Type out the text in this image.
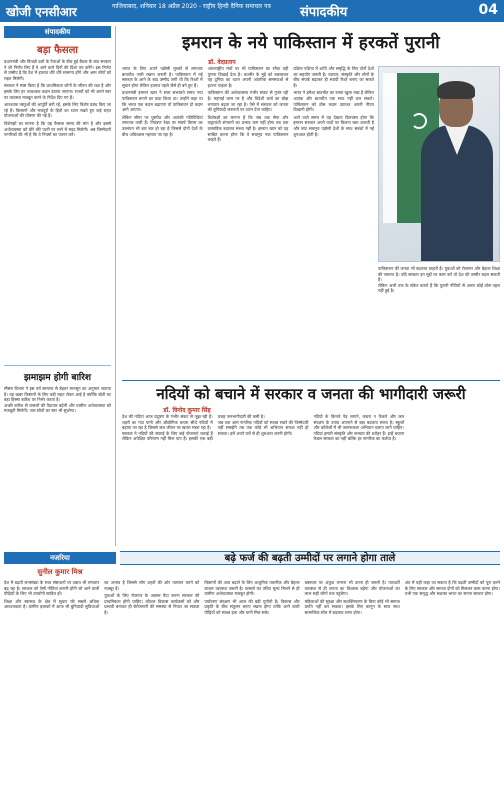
खोजी एनसीआर	गाजियाबाद, शनिवार 18 अप्रैल 2020 - राष्ट्रीय हिन्दी दैनिक समाचार पत्र	संपादकीय	04
संपादकीय
बड़ा फैसला

प्रधानमंत्री और विपक्षी दलों के नेताओं के बीच हुई बैठक के बाद सरकार ने जो निर्णय लिए हैं वे आने वाले दिनों की दिशा तय करेंगे। इस निर्णय से उम्मीद है कि देश में हालात धीरे धीरे सामान्य होंगे और आम लोगों को राहत मिलेगी।

सरकार ने स्पष्ट किया है कि प्राथमिकता लोगों के जीवन की रक्षा है और इसके लिए हर आवश्यक कदम उठाया जाएगा। राज्यों को भी अपने स्तर पर व्यवस्था मजबूत करने के निर्देश दिए गए हैं।

आवश्यक वस्तुओं की आपूर्ति बनी रहे, इसके लिए विशेष प्रबंध किए जा रहे हैं। किसानों और मजदूरों के हितों का ध्यान रखते हुए कई राहत योजनाओं की घोषणा की गई है।

विशेषज्ञों का मानना है कि यह फैसला समय की मांग है और इससे अर्थव्यवस्था को धीरे धीरे पटरी पर लाने में मदद मिलेगी। अब जिम्मेदारी नागरिकों की भी है कि वे नियमों का पालन करें।

झमाझम होगी बारिश

मौसम विभाग ने इस वर्ष सामान्य से बेहतर मानसून का अनुमान जताया है। यह खबर किसानों के लिए बड़ी राहत लेकर आई है क्योंकि खेती का बड़ा हिस्सा बारिश पर निर्भर करता है।

अच्छी बारिश से फसलों की पैदावार बढ़ेगी और ग्रामीण अर्थव्यवस्था को मजबूती मिलेगी। जल स्रोतों का स्तर भी सुधरेगा।

इमरान के नये पाकिस्तान में हरकतें पुरानी
डॉ. वेदप्रताप

भारत के लिए अपने पड़ोसी मुल्कों से लगातार बातचीत जारी रखना जरूरी है। पाकिस्तान में नई सरकार के आने के बाद उम्मीद जगी थी कि रिश्तों में सुधार होगा लेकिन हालात पहले जैसे ही बने हुए हैं।

प्रधानमंत्री इमरान खान ने सत्ता संभालते समय नया पाकिस्तान बनाने का वादा किया था। उन्होंने कहा था कि भारत एक कदम बढ़ाएगा तो पाकिस्तान दो कदम आगे आएगा।

लेकिन सीमा पर घुसपैठ और आतंकी गतिविधियां लगातार जारी हैं। नियंत्रण रेखा पर संघर्ष विराम का उल्लंघन भी बार बार हो रहा है जिससे दोनों देशों के बीच अविश्वास गहराता जा रहा है।

अंतरराष्ट्रीय मंचों पर भी पाकिस्तान का रवैया वही पुराना दिखाई देता है। कश्मीर के मुद्दे को उछालकर वह दुनिया का ध्यान अपनी आंतरिक समस्याओं से हटाना चाहता है।

पाकिस्तान की अर्थव्यवस्था गंभीर संकट से गुजर रही है। महंगाई चरम पर है और विदेशी कर्ज का बोझ लगातार बढ़ता जा रहा है। ऐसे में सरकार को जनता की बुनियादी जरूरतों पर ध्यान देना चाहिए।

विशेषज्ञों का मानना है कि जब तक सेना और कट्टरपंथी संगठनों का प्रभाव कम नहीं होगा तब तक वास्तविक बदलाव संभव नहीं है। इमरान खान को यह साबित करना होगा कि वे सचमुच नया पाकिस्तान चाहते हैं।

दक्षिण एशिया में शांति और समृद्धि के लिए दोनों देशों का सहयोग जरूरी है। व्यापार, संस्कृति और लोगों के बीच संपर्क बढ़ाकर ही स्थायी रिश्ते बनाए जा सकते हैं।

भारत ने हमेशा बातचीत का रास्ता खुला रखा है लेकिन आतंक और बातचीत एक साथ नहीं चल सकते। पाकिस्तान को ठोस कदम उठाकर अपनी नीयत दिखानी होगी।

आने वाले समय में यह देखना दिलचस्प होगा कि इमरान सरकार अपने वादों पर कितना खरा उतरती है और क्या सचमुच पड़ोसी देशों के साथ संबंधों में नई शुरुआत होती है।

पाकिस्तान की जनता भी बदलाव चाहती है। युवाओं को रोजगार और बेहतर शिक्षा की जरूरत है। यदि सरकार इन मुद्दों पर काम करे तो देश की तस्वीर बदल सकती है।

लेकिन अभी तक के संकेत बताते हैं कि पुरानी नीतियों से अलग कोई ठोस पहल नहीं हुई है।

नदियों को बचाने में सरकार व जनता की भागीदारी जरूरी
डॉ. विनोद कुमार सिंह

देश की नदियां आज प्रदूषण के गंभीर संकट से जूझ रही हैं। शहरों का गंदा पानी और औद्योगिक कचरा सीधे नदियों में बहाया जा रहा है जिससे जल जीवन पर खतरा मंडरा रहा है।

सरकार ने नदियों की सफाई के लिए कई योजनाएं चलाई हैं लेकिन अपेक्षित परिणाम नहीं मिल पाए हैं। इसकी एक बड़ी वजह जनभागीदारी की कमी है।

जब तक आम नागरिक नदियों को स्वच्छ रखने की जिम्मेदारी नहीं समझेंगे तब तक कोई भी अभियान सफल नहीं हो सकता। हमें अपने घरों से ही शुरुआत करनी होगी।

नदियों के किनारे पेड़ लगाने, कचरा न फेंकने और जल संरक्षण के उपाय अपनाने से बड़ा बदलाव संभव है। स्कूलों और कॉलेजों में भी जागरूकता अभियान चलाए जाने चाहिए।

नदियां हमारी संस्कृति और सभ्यता की धरोहर हैं। इन्हें बचाना केवल सरकार का नहीं बल्कि हर नागरिक का कर्तव्य है।

नजरिया	बढ़े फर्ज की बढ़ती उम्मीदों पर लगाने होगा ताले
सुनील कुमार मिश्र

देश में बढ़ती जनसंख्या के साथ संसाधनों पर दबाव भी लगातार बढ़ रहा है। सरकार को ऐसी नीतियां बनानी होंगी जो आने वाली पीढ़ियों के लिए भी उपयोगी साबित हों।

शिक्षा और स्वास्थ्य के क्षेत्र में सुधार की सबसे अधिक आवश्यकता है। ग्रामीण इलाकों में आज भी बुनियादी सुविधाओं का अभाव है जिससे लोग शहरों की ओर पलायन करने को मजबूर हैं।

युवाओं के लिए रोजगार के अवसर पैदा करना सरकार की प्राथमिकता होनी चाहिए। कौशल विकास कार्यक्रमों को और प्रभावी बनाकर ही बेरोजगारी की समस्या से निपटा जा सकता है।

किसानों की आय बढ़ाने के लिए आधुनिक तकनीक और बेहतर बाजार व्यवस्था जरूरी है। फसलों का उचित मूल्य मिलने से ही ग्रामीण अर्थव्यवस्था मजबूत होगी।

पर्यावरण संरक्षण भी आज की बड़ी चुनौती है। विकास और प्रकृति के बीच संतुलन बनाए रखना होगा ताकि आने वाली पीढ़ियों को स्वच्छ हवा और पानी मिल सके।

भ्रष्टाचार पर अंकुश लगाना भी उतना ही जरूरी है। पारदर्शी व्यवस्था से ही जनता का विश्वास बढ़ेगा और योजनाओं का लाभ सही लोगों तक पहुंचेगा।

महिलाओं की सुरक्षा और सशक्तिकरण के बिना कोई भी समाज प्रगति नहीं कर सकता। इसके लिए कानून के साथ साथ सामाजिक सोच में बदलाव लाना होगा।

अंत में यही कहा जा सकता है कि बढ़ती उम्मीदों को पूरा करने के लिए सरकार और समाज दोनों को मिलकर काम करना होगा। तभी एक समृद्ध और सशक्त भारत का सपना साकार होगा।
